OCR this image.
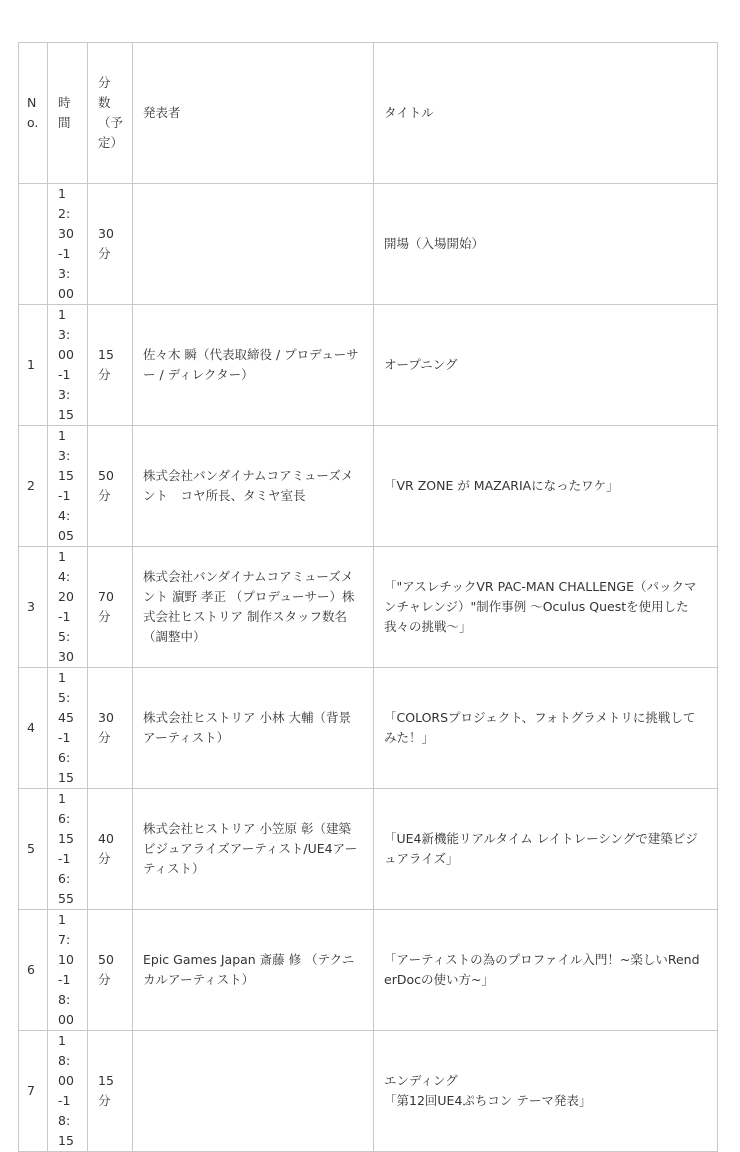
No.	時間	分数（予定）	発表者	タイトル
	12:30-13:00	30分		開場（入場開始）

1	13:00-13:15	15分	佐々木 瞬（代表取締役 / プロデューサー / ディレクター）	オープニング

2	13:15-14:05	50分	株式会社バンダイナムコアミューズメント　コヤ所長、タミヤ室長	「VR ZONE が MAZARIAになったワケ」

3	14:20-15:30	70分	株式会社バンダイナムコアミューズメント 濵野 孝正 （プロデューサー）株式会社ヒストリア 制作スタッフ数名 （調整中）	「"アスレチックVR PAC-MAN CHALLENGE（パックマンチャレンジ）"制作事例 〜Oculus Questを使用した我々の挑戦〜」

4	15:45-16:15	30分	株式会社ヒストリア 小林 大輔（背景アーティスト）	「COLORSプロジェクト、フォトグラメトリに挑戦してみた！」

5	16:15-16:55	40分	株式会社ヒストリア 小笠原 彰（建築ビジュアライズアーティスト/UE4アーティスト）	「UE4新機能リアルタイム レイトレーシングで建築ビジュアライズ」

6	17:10-18:00	50分	Epic Games Japan 斎藤 修 （テクニカルアーティスト）	「アーティストの為のプロファイル入門！~楽しいRenderDocの使い方~」

7	18:00-18:15	15分		エンディング
「第12回UE4ぷちコン テーマ発表」
